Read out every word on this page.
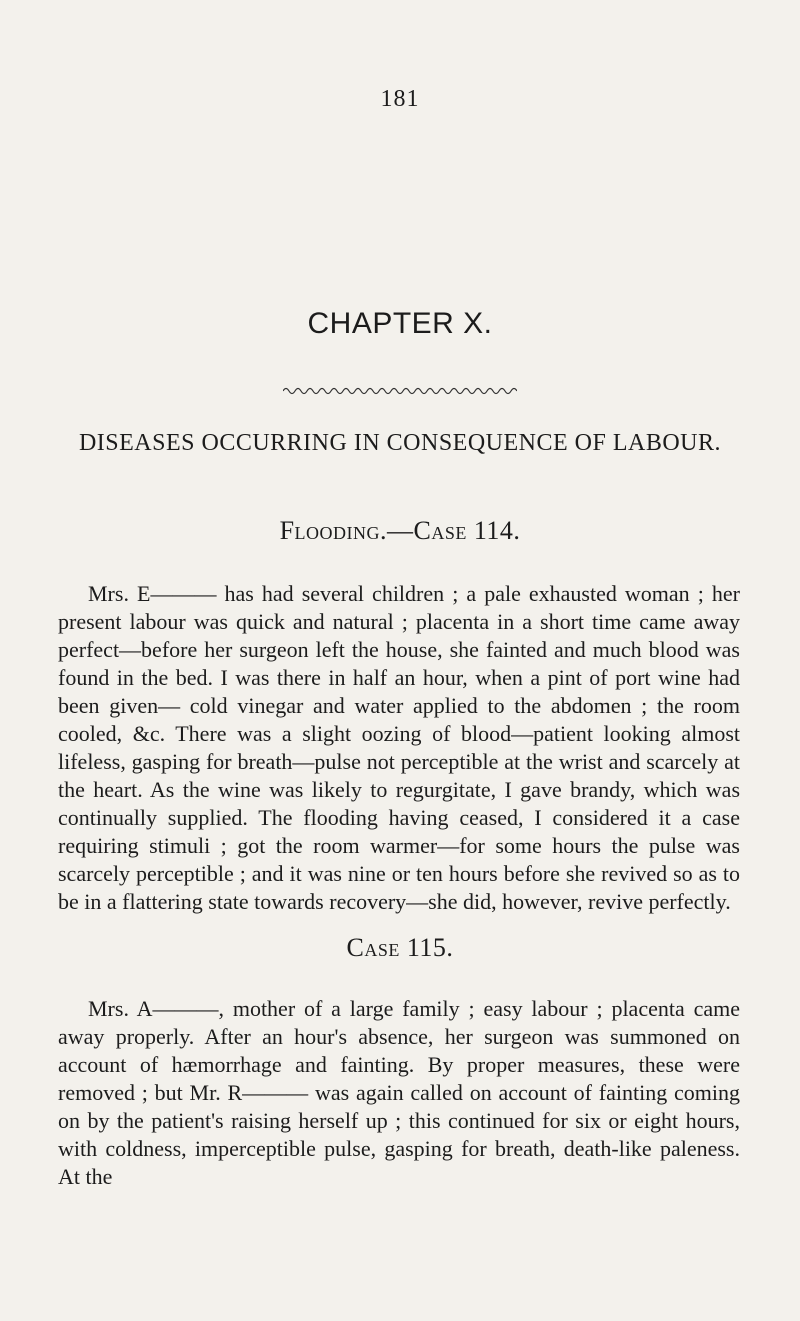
181
CHAPTER X.
DISEASES OCCURRING IN CONSEQUENCE OF LABOUR.
Flooding.—Case 114.

Mrs. E——— has had several children ; a pale exhausted woman ; her present labour was quick and natural ; placenta in a short time came away perfect—before her surgeon left the house, she fainted and much blood was found in the bed. I was there in half an hour, when a pint of port wine had been given— cold vinegar and water applied to the abdomen ; the room cooled, &c. There was a slight oozing of blood—patient looking almost lifeless, gasping for breath—pulse not perceptible at the wrist and scarcely at the heart. As the wine was likely to regurgitate, I gave brandy, which was continually supplied. The flooding having ceased, I considered it a case requiring stimuli ; got the room warmer—for some hours the pulse was scarcely perceptible ; and it was nine or ten hours before she revived so as to be in a flattering state towards recovery—she did, however, revive perfectly.

Case 115.

Mrs. A———, mother of a large family ; easy labour ; placenta came away properly. After an hour's absence, her surgeon was summoned on account of hæmorrhage and fainting. By proper measures, these were removed ; but Mr. R——— was again called on account of fainting coming on by the patient's raising herself up ; this continued for six or eight hours, with coldness, imperceptible pulse, gasping for breath, death-like paleness. At the
